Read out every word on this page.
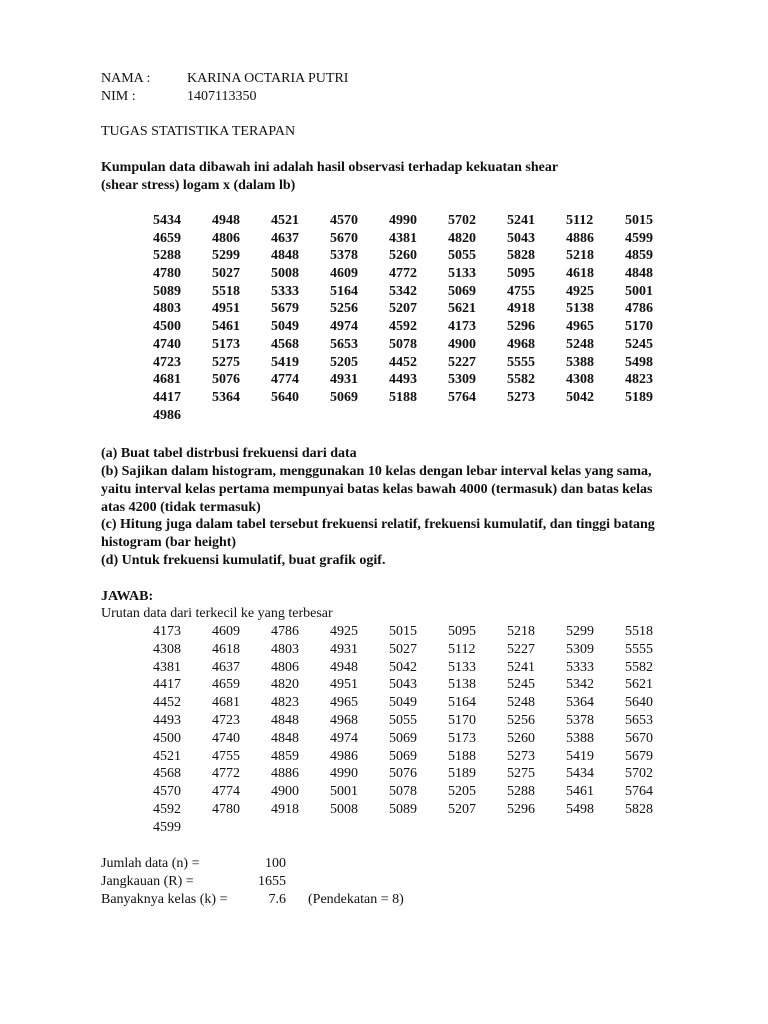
NAMA :	KARINA OCTARIA PUTRI
NIM :	1407113350
TUGAS STATISTIKA TERAPAN
Kumpulan data dibawah ini adalah hasil observasi terhadap kekuatan shear
(shear stress) logam x (dalam lb)
5434 4948 4521 4570 4990 5702 5241 5112 5015
4659 4806 4637 5670 4381 4820 5043 4886 4599
5288 5299 4848 5378 5260 5055 5828 5218 4859
4780 5027 5008 4609 4772 5133 5095 4618 4848
5089 5518 5333 5164 5342 5069 4755 4925 5001
4803 4951 5679 5256 5207 5621 4918 5138 4786
4500 5461 5049 4974 4592 4173 5296 4965 5170
4740 5173 4568 5653 5078 4900 4968 5248 5245
4723 5275 5419 5205 4452 5227 5555 5388 5498
4681 5076 4774 4931 4493 5309 5582 4308 4823
4417 5364 5640 5069 5188 5764 5273 5042 5189
4986
(a) Buat tabel distrbusi frekuensi dari data
(b) Sajikan dalam histogram, menggunakan 10 kelas dengan lebar interval kelas yang sama,
yaitu interval kelas pertama mempunyai batas kelas bawah 4000 (termasuk) dan batas kelas
atas 4200 (tidak termasuk)
(c) Hitung juga dalam tabel tersebut frekuensi relatif, frekuensi kumulatif, dan tinggi batang
histogram (bar height)
(d) Untuk frekuensi kumulatif, buat grafik ogif.
JAWAB:
Urutan data dari terkecil ke yang terbesar
4173 4609 4786 4925 5015 5095 5218 5299 5518
4308 4618 4803 4931 5027 5112 5227 5309 5555
4381 4637 4806 4948 5042 5133 5241 5333 5582
4417 4659 4820 4951 5043 5138 5245 5342 5621
4452 4681 4823 4965 5049 5164 5248 5364 5640
4493 4723 4848 4968 5055 5170 5256 5378 5653
4500 4740 4848 4974 5069 5173 5260 5388 5670
4521 4755 4859 4986 5069 5188 5273 5419 5679
4568 4772 4886 4990 5076 5189 5275 5434 5702
4570 4774 4900 5001 5078 5205 5288 5461 5764
4592 4780 4918 5008 5089 5207 5296 5498 5828
4599
Jumlah data (n) =	100
Jangkauan (R) =	1655
Banyaknya kelas (k) =	7.6 (Pendekatan = 8)
